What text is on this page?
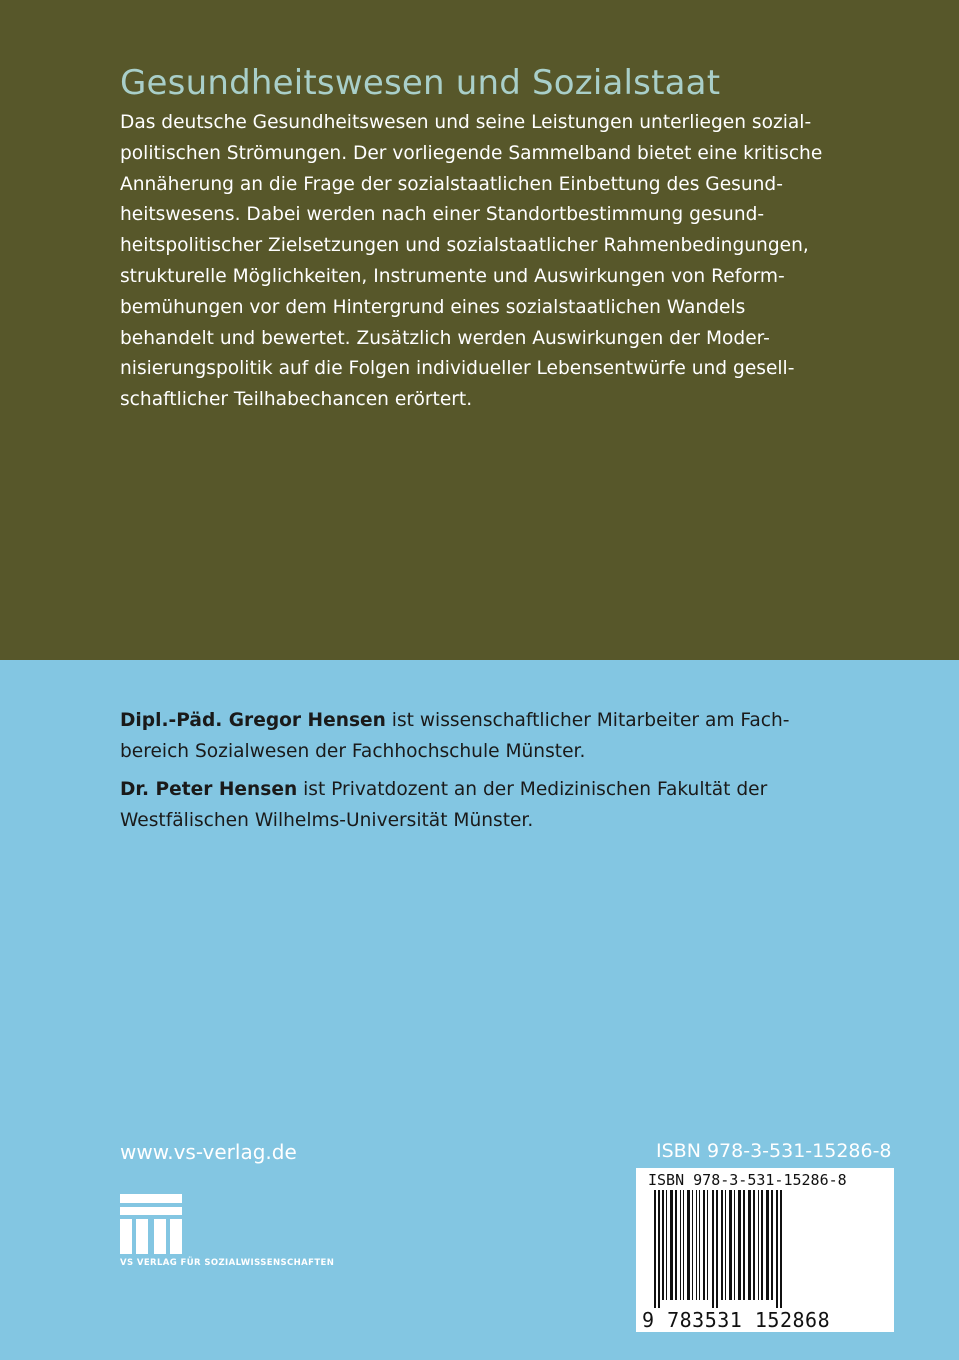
Gesundheitswesen und Sozialstaat
Das deutsche Gesundheitswesen und seine Leistungen unterliegen sozial-
politischen Strömungen. Der vorliegende Sammelband bietet eine kritische
Annäherung an die Frage der sozialstaatlichen Einbettung des Gesund-
heitswesens. Dabei werden nach einer Standortbestimmung gesund-
heitspolitischer Zielsetzungen und sozialstaatlicher Rahmenbedingungen,
strukturelle Möglichkeiten, Instrumente und Auswirkungen von Reform-
bemühungen vor dem Hintergrund eines sozialstaatlichen Wandels
behandelt und bewertet. Zusätzlich werden Auswirkungen der Moder-
nisierungspolitik auf die Folgen individueller Lebensentwürfe und gesell-
schaftlicher Teilhabechancen erörtert.
Dipl.-Päd. Gregor Hensen ist wissenschaftlicher Mitarbeiter am Fach-
bereich Sozialwesen der Fachhochschule Münster.
Dr. Peter Hensen ist Privatdozent an der Medizinischen Fakultät der
Westfälischen Wilhelms-Universität Münster.
www.vs-verlag.de	ISBN 978-3-531-15286-8
VS VERLAG FÜR SOZIALWISSENSCHAFTEN
ISBN 978-3-531-15286-8
9 783531 152868
